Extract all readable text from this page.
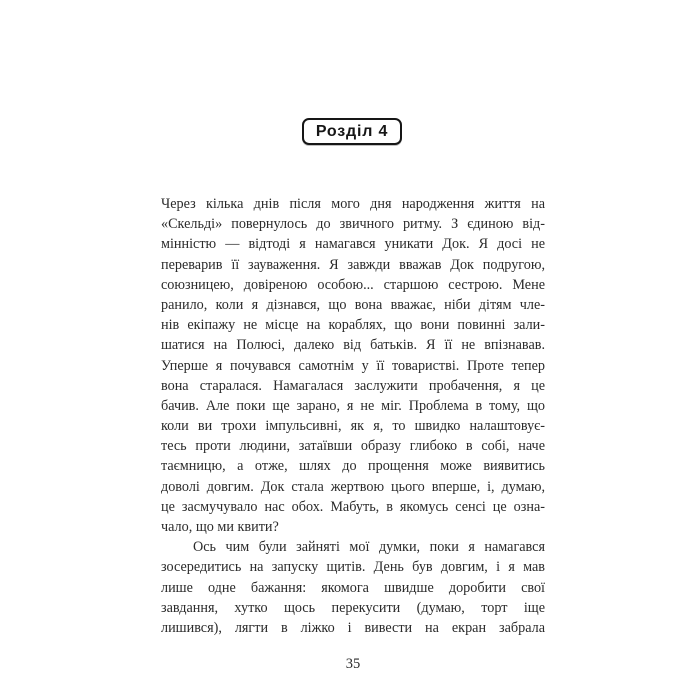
Розділ 4
Через кілька днів після мого дня народження життя на
«Скельді» повернулось до звичного ритму. З єдиною від-
мінністю — відтоді я намагався уникати Док. Я досі не
переварив її зауваження. Я завжди вважав Док подругою,
союзницею, довіреною особою... старшою сестрою. Мене
ранило, коли я дізнався, що вона вважає, ніби дітям чле-
нів екіпажу не місце на кораблях, що вони повинні зали-
шатися на Полюсі, далеко від батьків. Я її не впізнавав.
Уперше я почувався самотнім у її товаристві. Проте тепер
вона старалася. Намагалася заслужити пробачення, я це
бачив. Але поки ще зарано, я не міг. Проблема в тому, що
коли ви трохи імпульсивні, як я, то швидко налаштовує-
тесь проти людини, затаївши образу глибоко в собі, наче
таємницю, а отже, шлях до прощення може виявитись
доволі довгим. Док стала жертвою цього вперше, і, думаю,
це засмучувало нас обох. Мабуть, в якомусь сенсі це озна-
чало, що ми квити?
Ось чим були зайняті мої думки, поки я намагався
зосередитись на запуску щитів. День був довгим, і я мав
лише одне бажання: якомога швидше доробити свої
завдання, хутко щось перекусити (думаю, торт іще
лишився), лягти в ліжко і вивести на екран забрала
35
